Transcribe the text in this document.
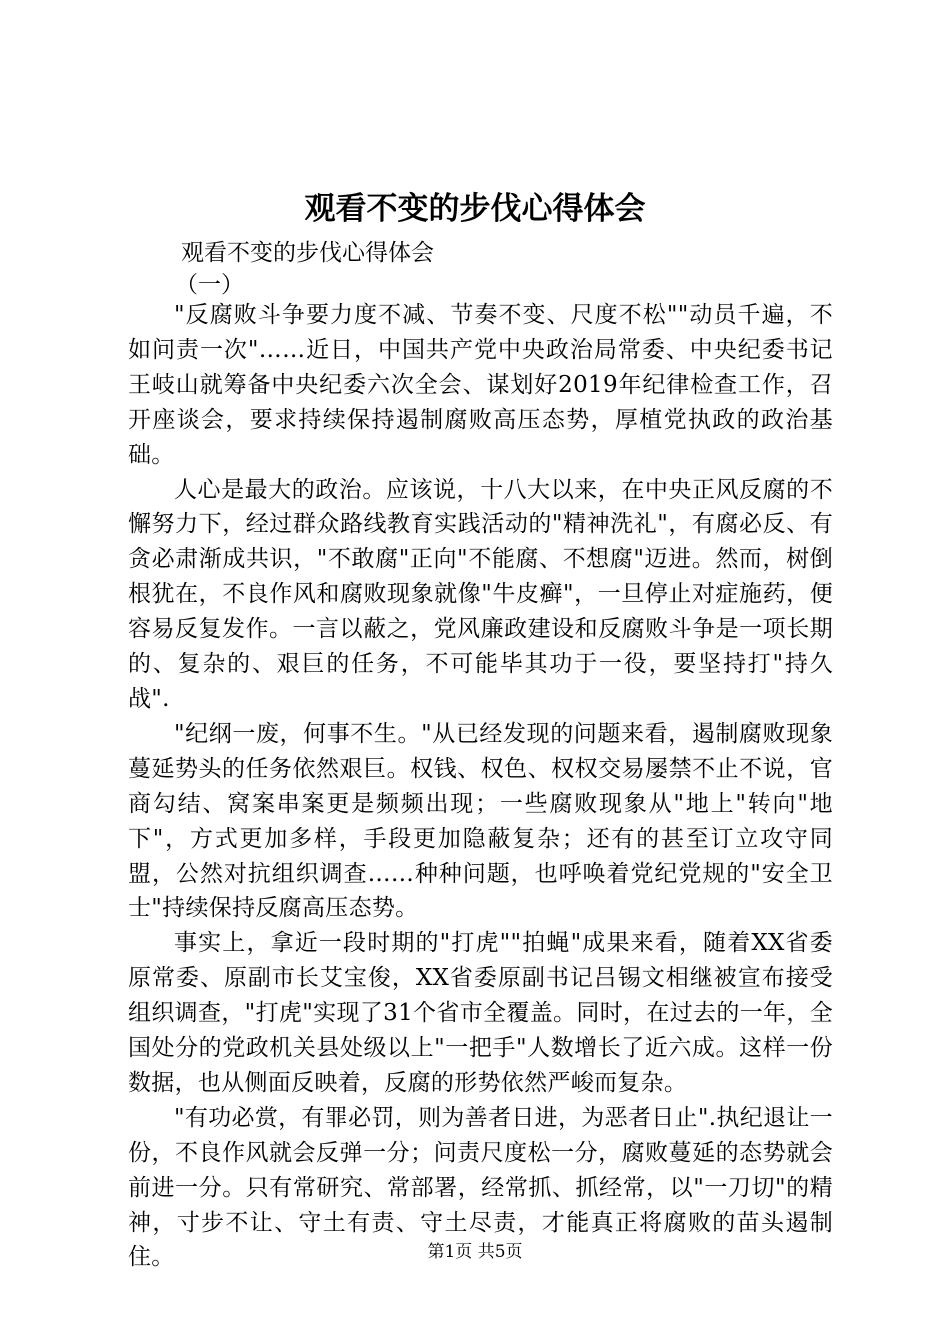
观看不变的步伐心得体会
观看不变的步伐心得体会
（一）

"反腐败斗争要力度不减、节奏不变、尺度不松""动员千遍，不如问责一次"……近日，中国共产党中央政治局常委、中央纪委书记王岐山就筹备中央纪委六次全会、谋划好2019年纪律检查工作，召开座谈会，要求持续保持遏制腐败高压态势，厚植党执政的政治基础。

人心是最大的政治。应该说，十八大以来，在中央正风反腐的不懈努力下，经过群众路线教育实践活动的"精神洗礼"，有腐必反、有贪必肃渐成共识，"不敢腐"正向"不能腐、不想腐"迈进。然而，树倒根犹在，不良作风和腐败现象就像"牛皮癣"，一旦停止对症施药，便容易反复发作。一言以蔽之，党风廉政建设和反腐败斗争是一项长期的、复杂的、艰巨的任务，不可能毕其功于一役，要坚持打"持久战".

"纪纲一废，何事不生。"从已经发现的问题来看，遏制腐败现象蔓延势头的任务依然艰巨。权钱、权色、权权交易屡禁不止不说，官商勾结、窝案串案更是频频出现；一些腐败现象从"地上"转向"地下"，方式更加多样，手段更加隐蔽复杂；还有的甚至订立攻守同盟，公然对抗组织调查……种种问题，也呼唤着党纪党规的"安全卫士"持续保持反腐高压态势。

事实上，拿近一段时期的"打虎""拍蝇"成果来看，随着XX省委原常委、原副市长艾宝俊，XX省委原副书记吕锡文相继被宣布接受组织调查，"打虎"实现了31个省市全覆盖。同时，在过去的一年，全国处分的党政机关县处级以上"一把手"人数增长了近六成。这样一份数据，也从侧面反映着，反腐的形势依然严峻而复杂。

"有功必赏，有罪必罚，则为善者日进，为恶者日止".执纪退让一份，不良作风就会反弹一分；问责尺度松一分，腐败蔓延的态势就会前进一分。只有常研究、常部署，经常抓、抓经常，以"一刀切"的精神，寸步不让、守土有责、守土尽责，才能真正将腐败的苗头遏制住。	第1页 共5页
